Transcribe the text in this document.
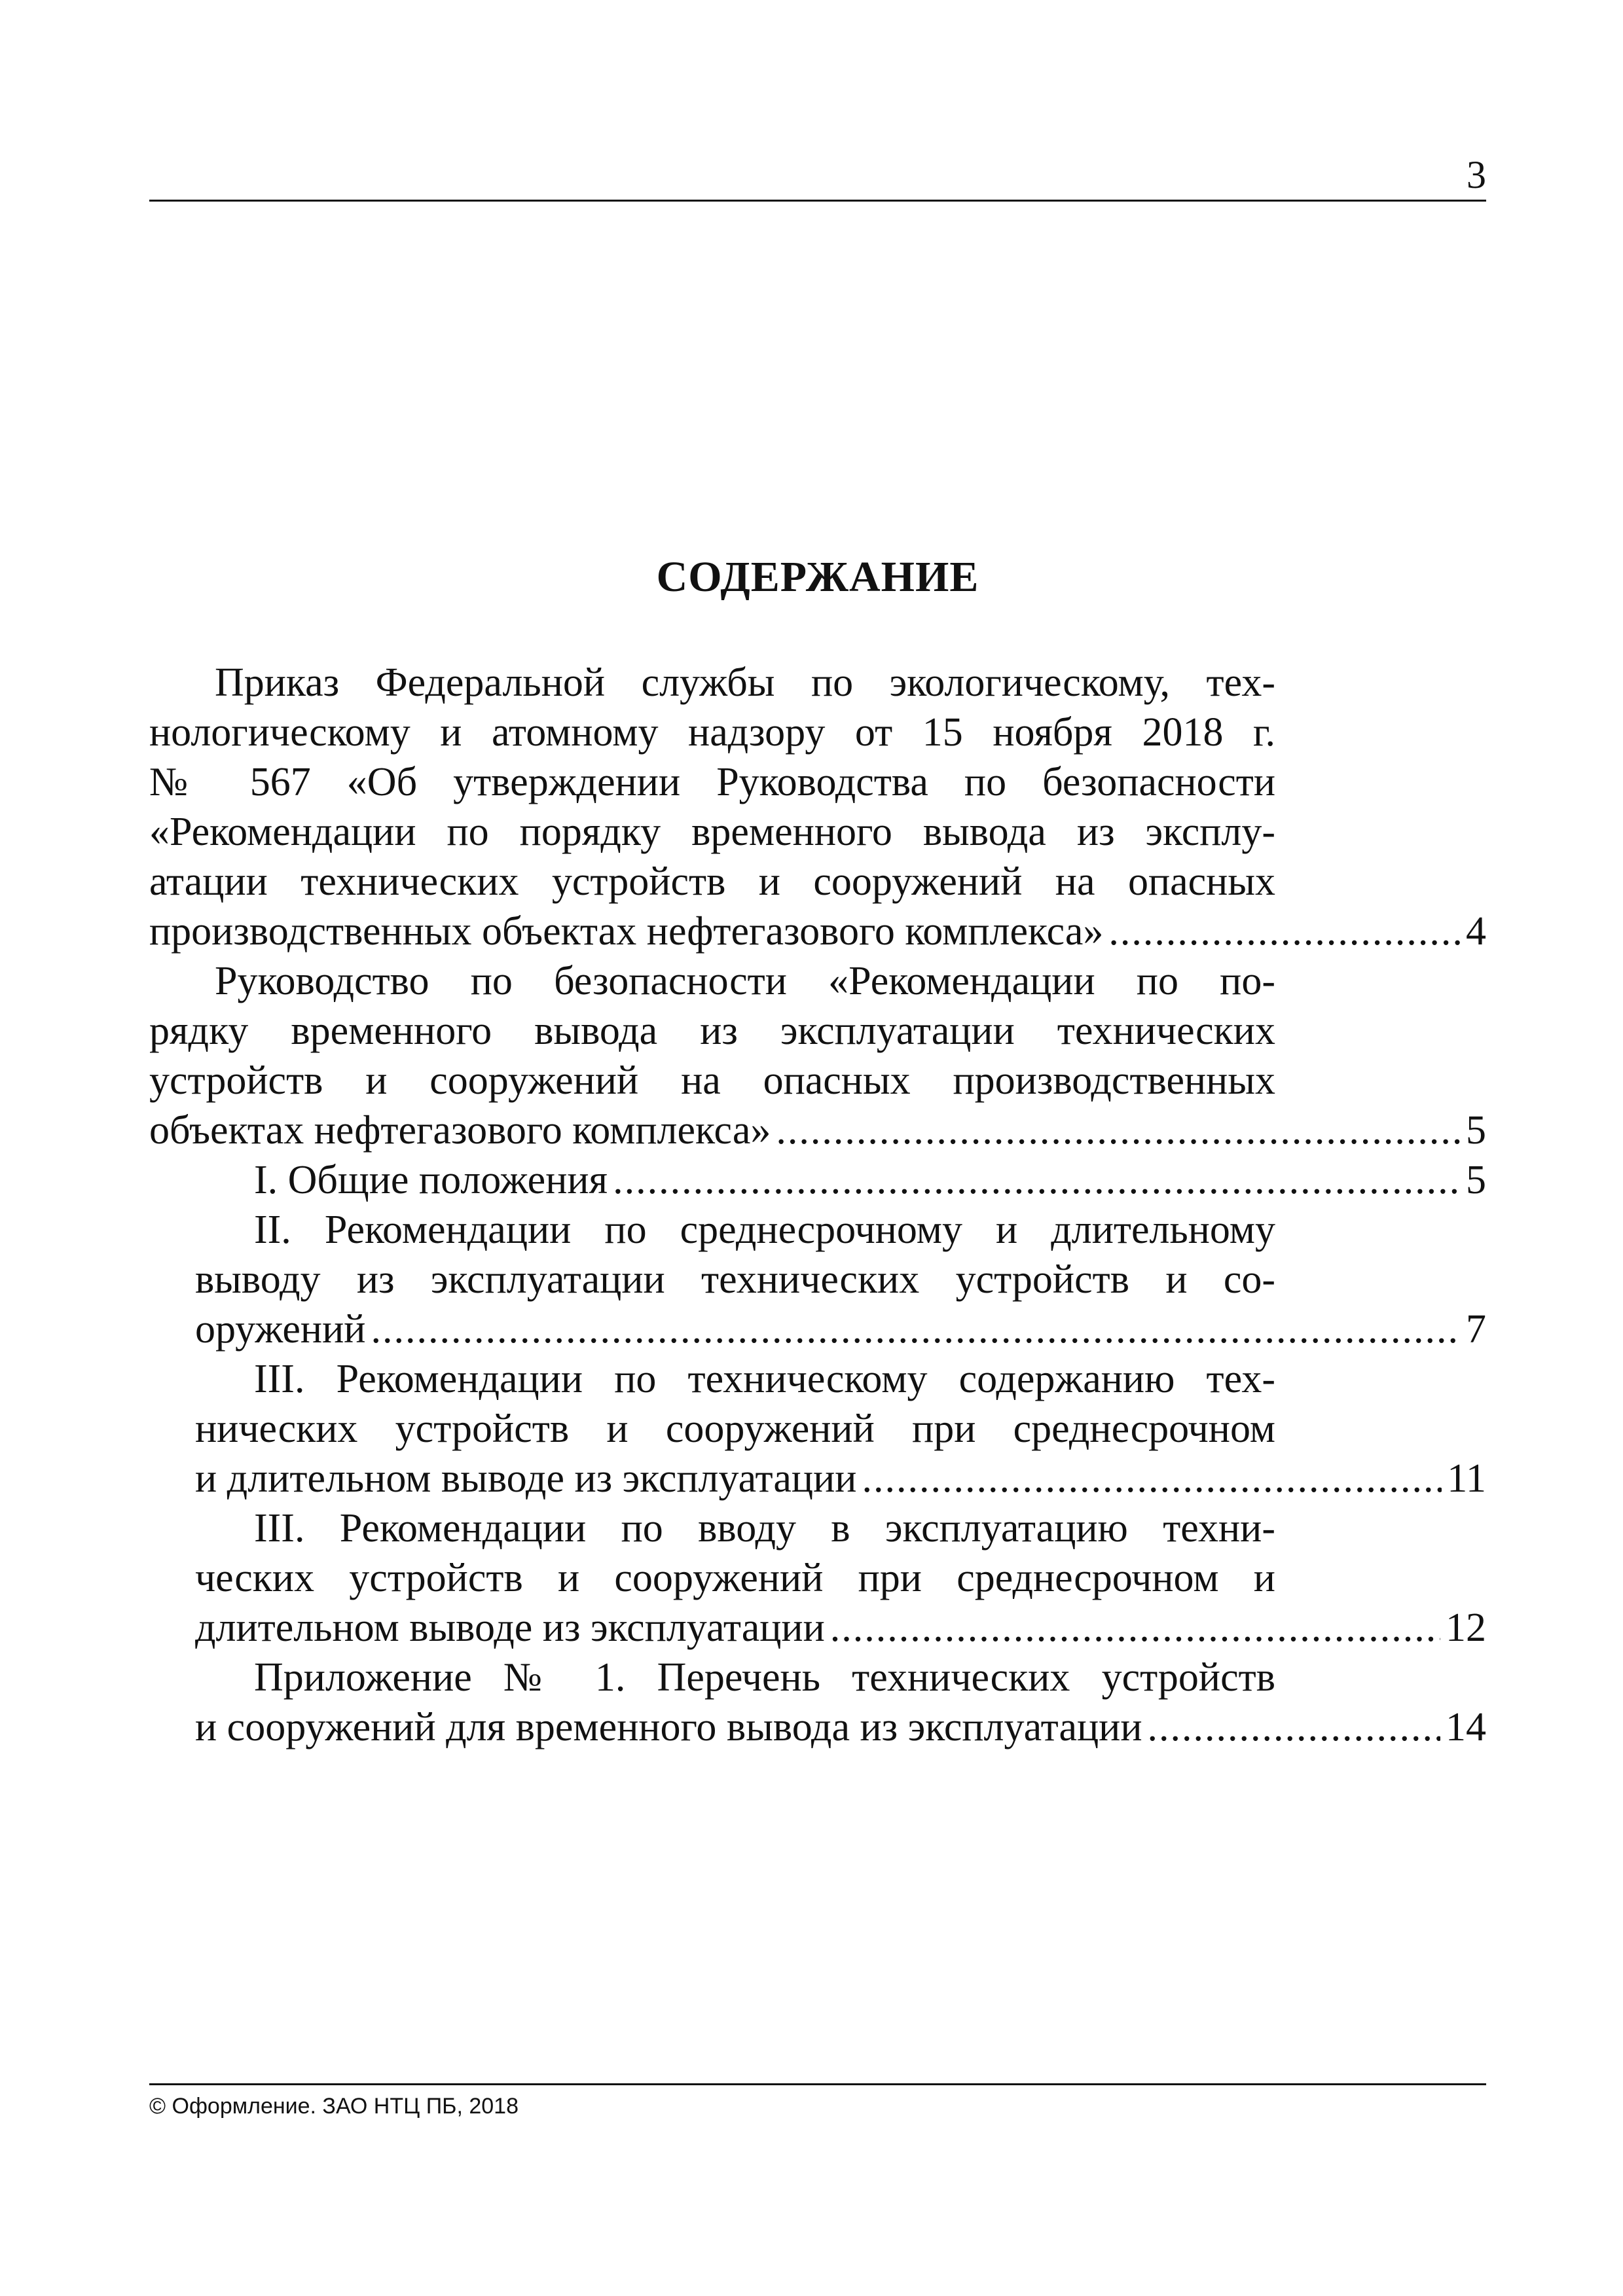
3
СОДЕРЖАНИЕ
Приказ Федеральной службы по экологическому, тех-
нологическому и атомному надзору от 15 ноября 2018 г.
№ 567 «Об утверждении Руководства по безопасности
«Рекомендации по порядку временного вывода из эксплу-
атации технических устройств и сооружений на опасных
производственных объектах нефтегазового комплекса» .....	4
Руководство по безопасности «Рекомендации по по-
рядку временного вывода из эксплуатации технических
устройств и сооружений на опасных производственных
объектах нефтегазового комплекса» .....	5
I. Общие положения .....	5
II. Рекомендации по среднесрочному и длительному
выводу из эксплуатации технических устройств и со-
оружений .....	7
III. Рекомендации по техническому содержанию тех-
нических устройств и сооружений при среднесрочном
и длительном выводе из эксплуатации .....	11
III. Рекомендации по вводу в эксплуатацию техни-
ческих устройств и сооружений при среднесрочном и
длительном выводе из эксплуатации .....	12
Приложение № 1. Перечень технических устройств
и сооружений для временного вывода из эксплуатации .....	14
© Оформление. ЗАО НТЦ ПБ, 2018
